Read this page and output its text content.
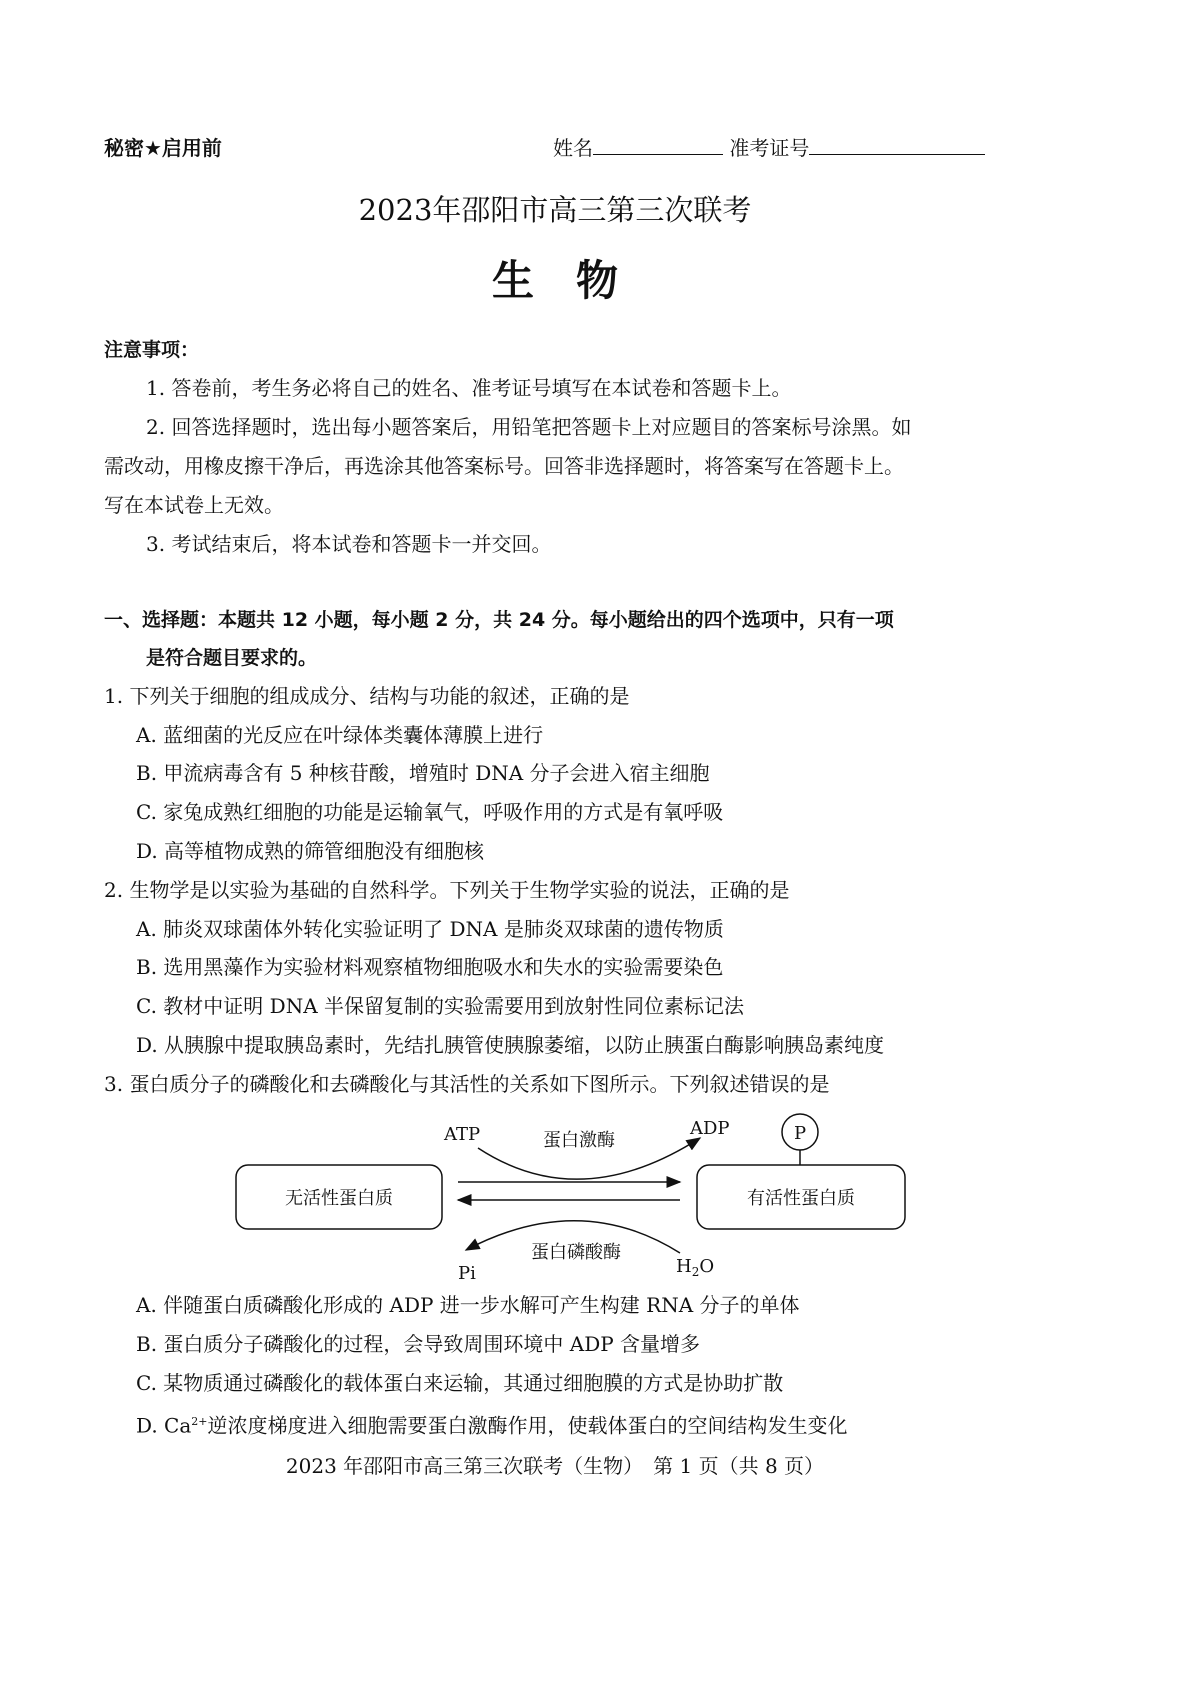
秘密★启用前	姓名	准考证号
2023年邵阳市高三第三次联考
生　物
注意事项：
1. 答卷前，考生务必将自己的姓名、准考证号填写在本试卷和答题卡上。
2. 回答选择题时，选出每小题答案后，用铅笔把答题卡上对应题目的答案标号涂黑。如
需改动，用橡皮擦干净后，再选涂其他答案标号。回答非选择题时，将答案写在答题卡上。
写在本试卷上无效。
3. 考试结束后，将本试卷和答题卡一并交回。
一、选择题：本题共 12 小题，每小题 2 分，共 24 分。每小题给出的四个选项中，只有一项
是符合题目要求的。
1. 下列关于细胞的组成成分、结构与功能的叙述，正确的是
A. 蓝细菌的光反应在叶绿体类囊体薄膜上进行
B. 甲流病毒含有 5 种核苷酸，增殖时 DNA 分子会进入宿主细胞
C. 家兔成熟红细胞的功能是运输氧气，呼吸作用的方式是有氧呼吸
D. 高等植物成熟的筛管细胞没有细胞核
2. 生物学是以实验为基础的自然科学。下列关于生物学实验的说法，正确的是
A. 肺炎双球菌体外转化实验证明了 DNA 是肺炎双球菌的遗传物质
B. 选用黑藻作为实验材料观察植物细胞吸水和失水的实验需要染色
C. 教材中证明 DNA 半保留复制的实验需要用到放射性同位素标记法
D. 从胰腺中提取胰岛素时，先结扎胰管使胰腺萎缩，以防止胰蛋白酶影响胰岛素纯度
3. 蛋白质分子的磷酸化和去磷酸化与其活性的关系如下图所示。下列叙述错误的是
无活性蛋白质	有活性蛋白质
P
ATP	ADP
蛋白激酶
蛋白磷酸酶
Pi	$H_2O$
A. 伴随蛋白质磷酸化形成的 ADP 进一步水解可产生构建 RNA 分子的单体
B. 蛋白质分子磷酸化的过程，会导致周围环境中 ADP 含量增多
C. 某物质通过磷酸化的载体蛋白来运输，其通过细胞膜的方式是协助扩散
D. $Ca^{2+}$逆浓度梯度进入细胞需要蛋白激酶作用，使载体蛋白的空间结构发生变化
2023 年邵阳市高三第三次联考（生物）　第 1 页（共 8 页）
